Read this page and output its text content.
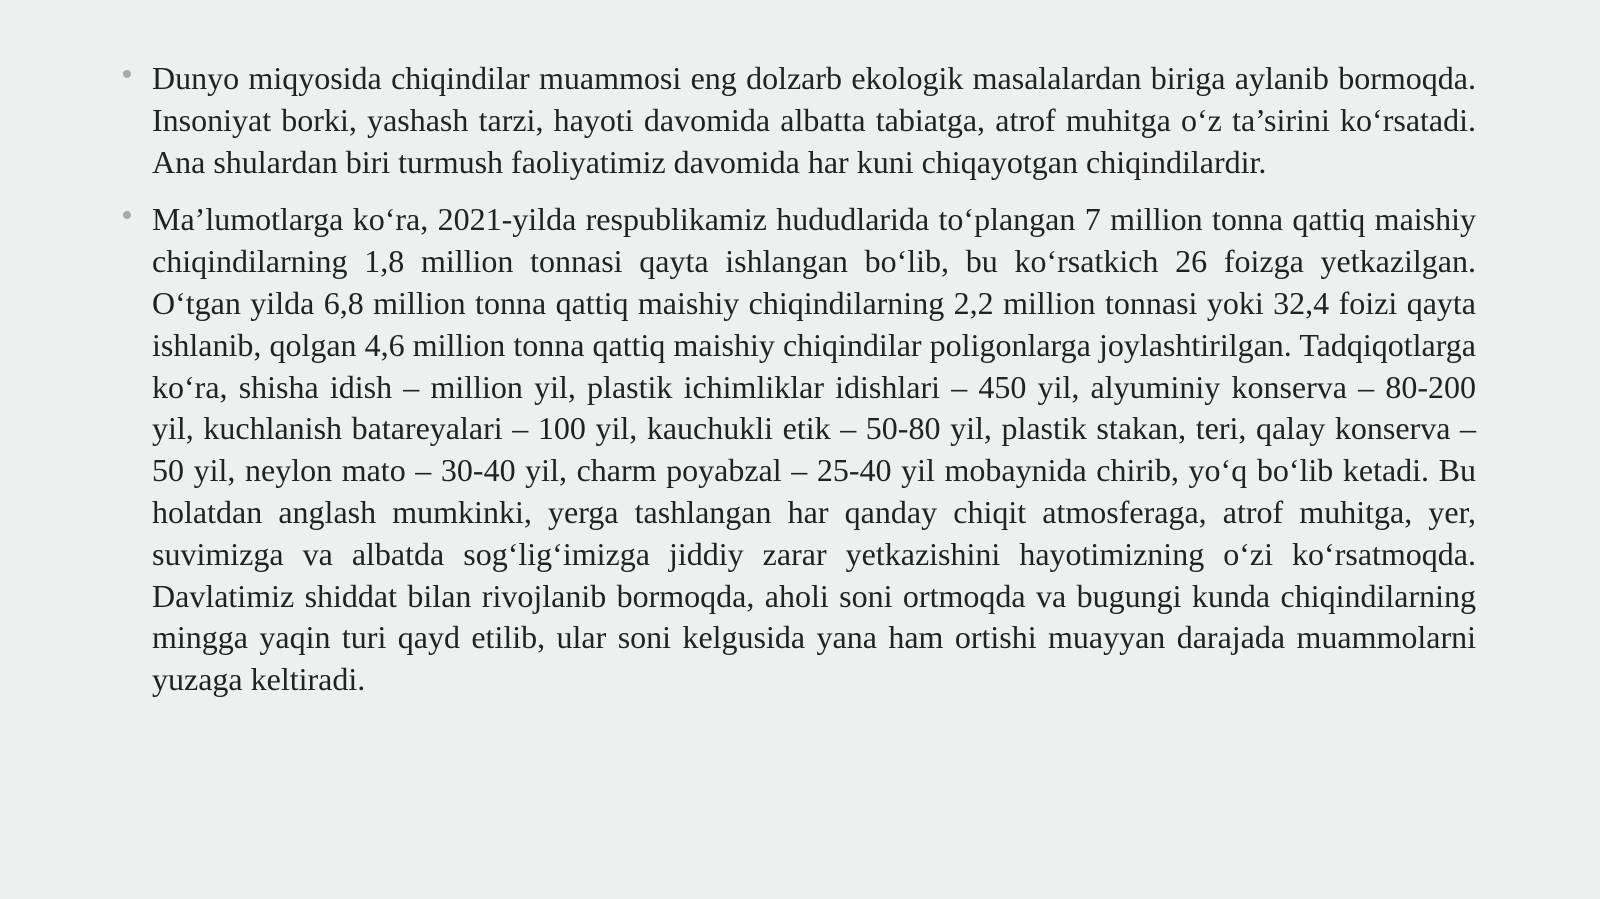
Dunyo miqyosida chiqindilar muammosi eng dolzarb ekologik masalalardan biriga aylanib bormoqda. Insoniyat borki, yashash tarzi, hayoti davomida albatta tabiatga, atrof muhitga o‘z ta’sirini ko‘rsatadi. Ana shulardan biri turmush faoliyatimiz davomida har kuni chiqayotgan chiqindilardir.
Ma’lumotlarga ko‘ra, 2021-yilda respublikamiz hududlarida to‘plangan 7 million tonna qattiq maishiy chiqindilarning 1,8 million tonnasi qayta ishlangan bo‘lib, bu ko‘rsatkich 26 foizga yetkazilgan. O‘tgan yilda 6,8 million tonna qattiq maishiy chiqindilarning 2,2 million tonnasi yoki 32,4 foizi qayta ishlanib, qolgan 4,6 million tonna qattiq maishiy chiqindilar poligonlarga joylashtirilgan. Tadqiqotlarga ko‘ra, shisha idish – million yil, plastik ichimliklar idishlari – 450 yil, alyuminiy konserva – 80-200 yil, kuchlanish batareyalari – 100 yil, kauchukli etik – 50-80 yil, plastik stakan, teri, qalay konserva – 50 yil, neylon mato – 30-40 yil, charm poyabzal – 25-40 yil mobaynida chirib, yo‘q bo‘lib ketadi. Bu holatdan anglash mumkinki, yerga tashlangan har qanday chiqit atmosferaga, atrof muhitga, yer, suvimizga va albatda sog‘lig‘imizga jiddiy zarar yetkazishini hayotimizning o‘zi ko‘rsatmoqda. Davlatimiz shiddat bilan rivojlanib bormoqda, aholi soni ortmoqda va bugungi kunda chiqindilarning mingga yaqin turi qayd etilib, ular soni kelgusida yana ham ortishi muayyan darajada muammolarni yuzaga keltiradi.
